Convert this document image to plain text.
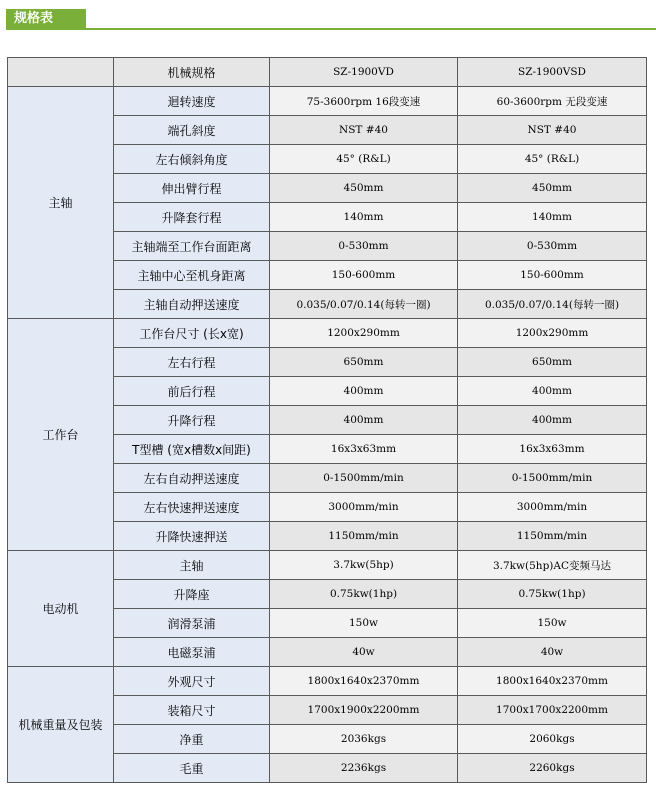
规格表
	机械规格	SZ-1900VD	SZ-1900VSD
主轴	迴转速度	75-3600rpm 16段变速	60-3600rpm 无段变速
	端孔斜度	NST #40	NST #40
	左右倾斜角度	45° (R&L)	45° (R&L)
	伸出臂行程	450mm	450mm
	升降套行程	140mm	140mm
	主轴端至工作台面距离	0-530mm	0-530mm
	主轴中心至机身距离	150-600mm	150-600mm
	主轴自动押送速度	0.035/0.07/0.14(每转一圈)	0.035/0.07/0.14(每转一圈)
工作台	工作台尺寸 (长x宽)	1200x290mm	1200x290mm
	左右行程	650mm	650mm
	前后行程	400mm	400mm
	升降行程	400mm	400mm
	T型槽 (宽x槽数x间距)	16x3x63mm	16x3x63mm
	左右自动押送速度	0-1500mm/min	0-1500mm/min
	左右快速押送速度	3000mm/min	3000mm/min
	升降快速押送	1150mm/min	1150mm/min
电动机	主轴	3.7kw(5hp)	3.7kw(5hp)AC变频马达
	升降座	0.75kw(1hp)	0.75kw(1hp)
	润滑泵浦	150w	150w
	电磁泵浦	40w	40w
机械重量及包装	外观尺寸	1800x1640x2370mm	1800x1640x2370mm
	装箱尺寸	1700x1900x2200mm	1700x1700x2200mm
	净重	2036kgs	2060kgs
	毛重	2236kgs	2260kgs
